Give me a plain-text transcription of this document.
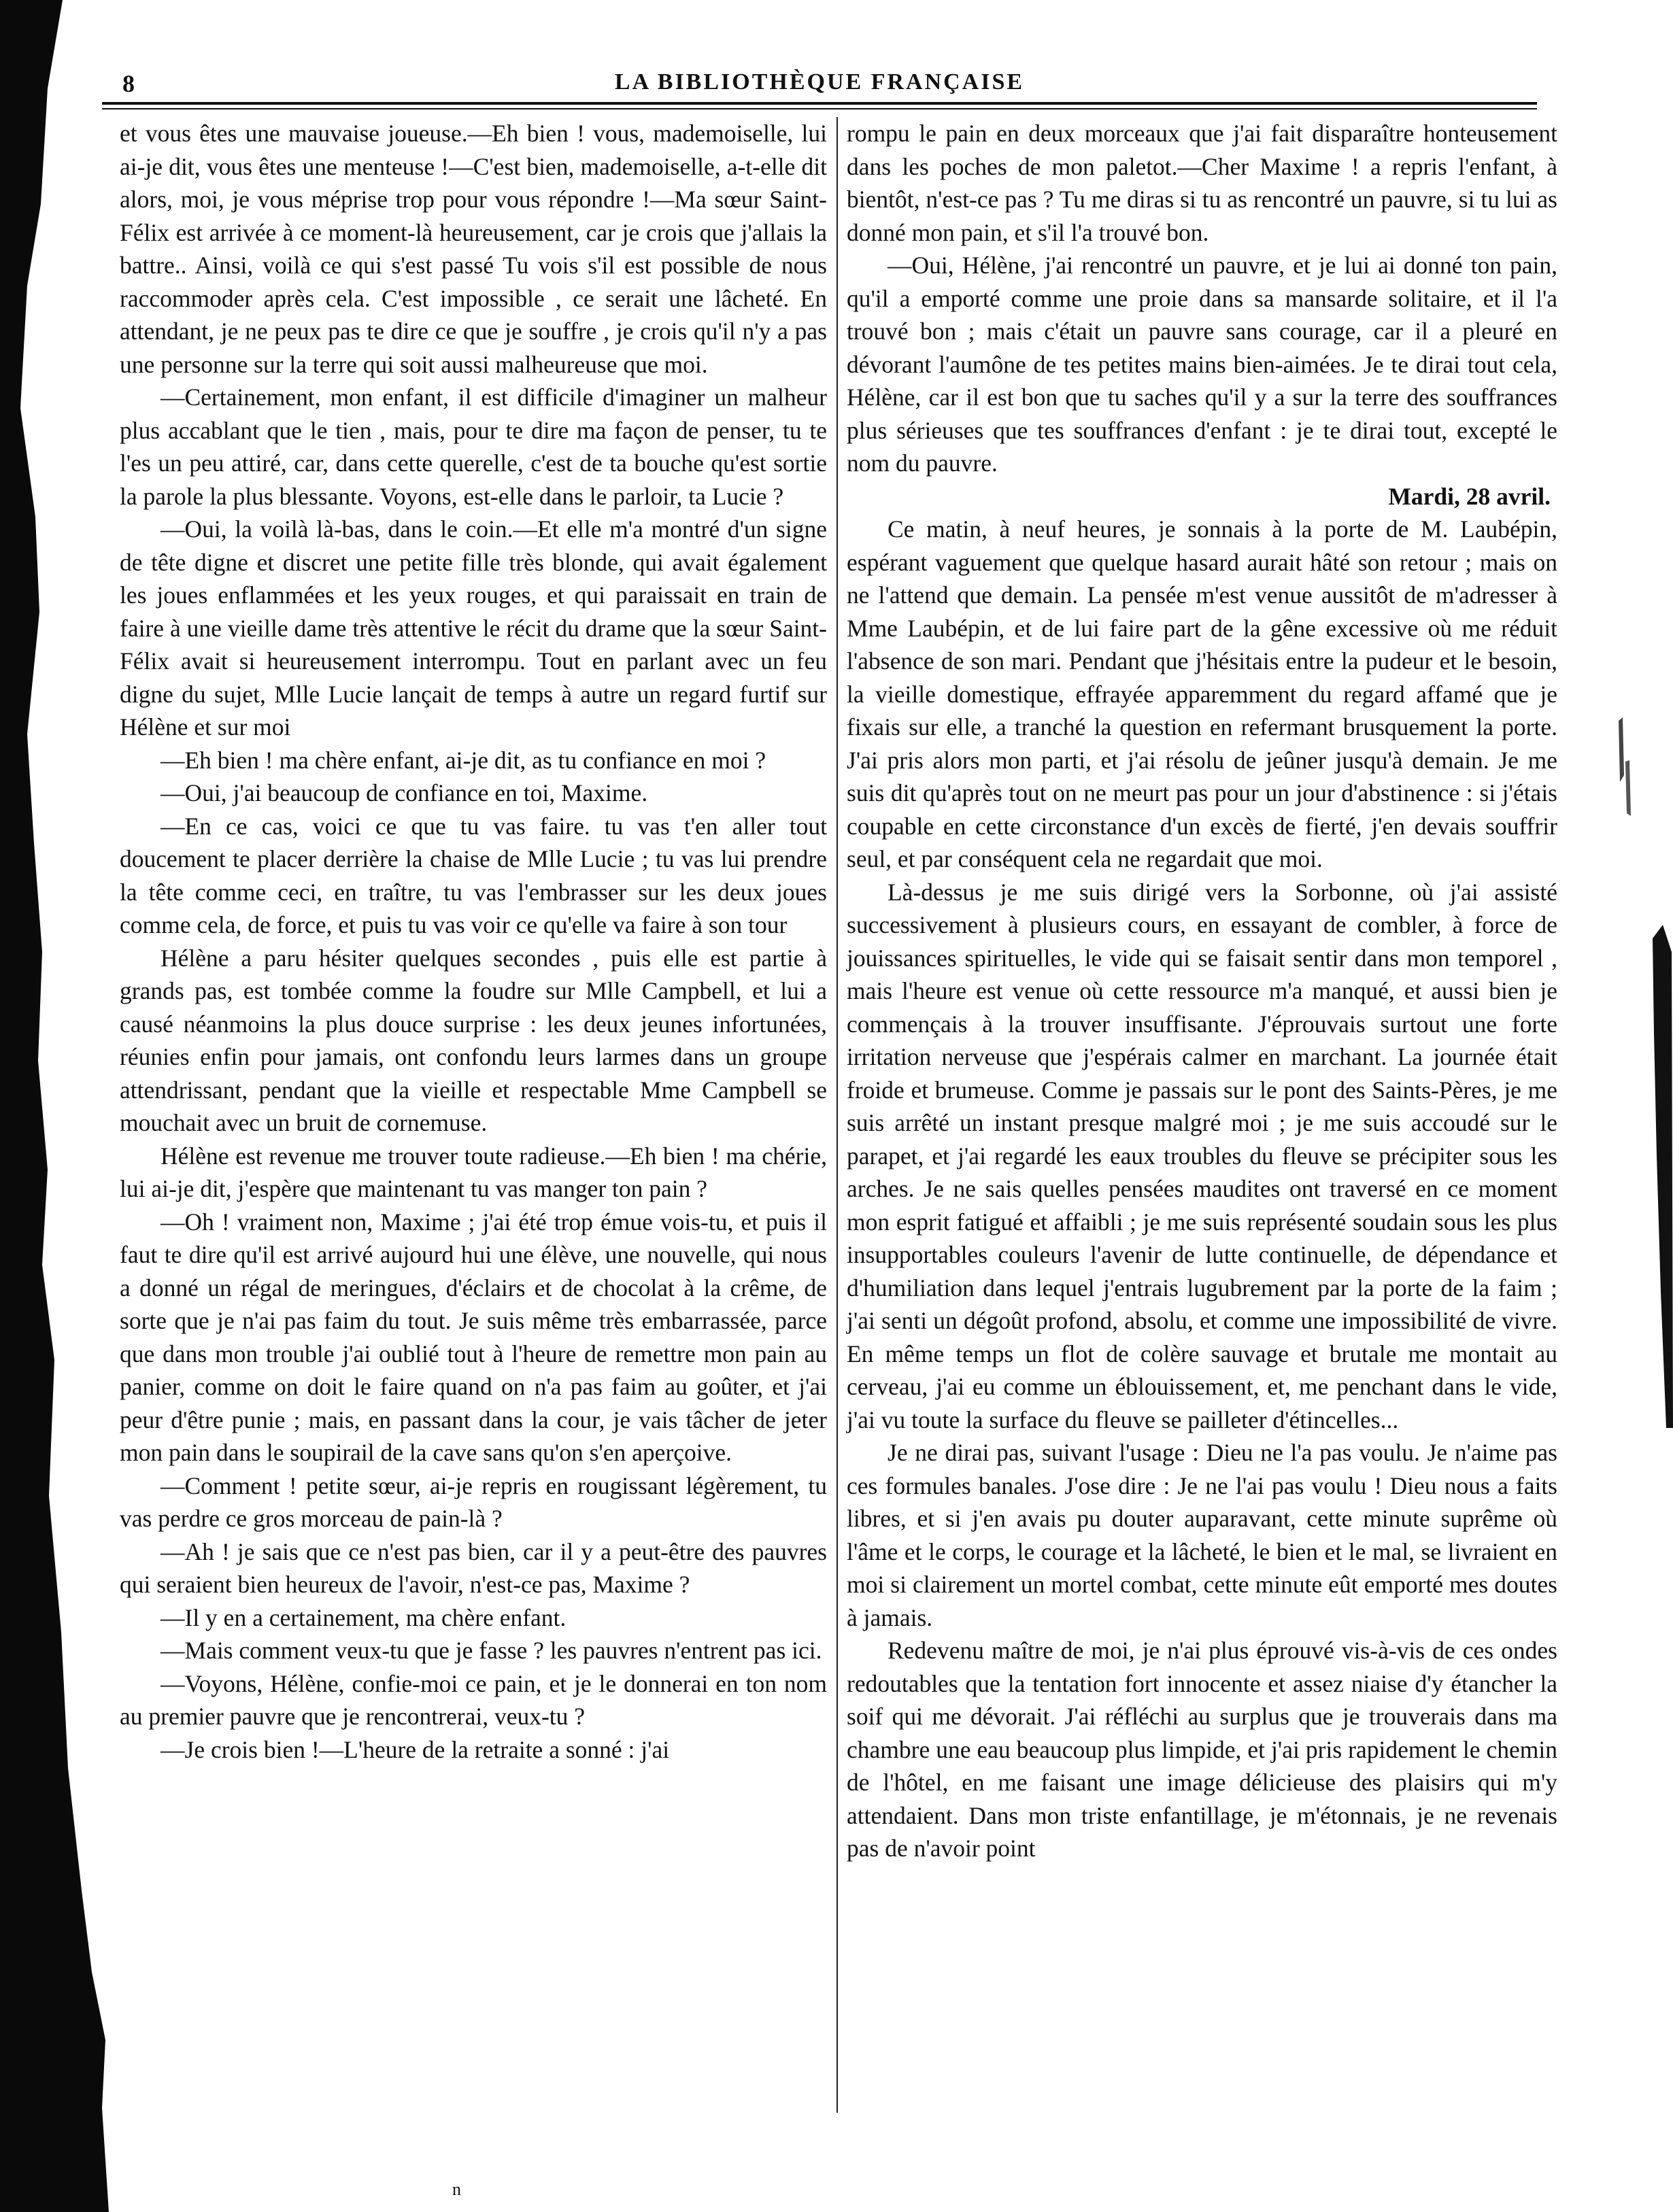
8	LA BIBLIOTHÈQUE FRANÇAISE

et vous êtes une mauvaise joueuse.—Eh bien ! vous, mademoiselle, lui ai-je dit, vous êtes une menteuse !—C'est bien, mademoiselle, a-t-elle dit alors, moi, je vous méprise trop pour vous répondre !—Ma sœur Saint-Félix est arrivée à ce moment-là heureusement, car je crois que j'allais la battre.. Ainsi, voilà ce qui s'est passé Tu vois s'il est possible de nous raccommoder après cela. C'est impossible , ce serait une lâcheté. En attendant, je ne peux pas te dire ce que je souffre , je crois qu'il n'y a pas une personne sur la terre qui soit aussi malheureuse que moi.

—Certainement, mon enfant, il est difficile d'imaginer un malheur plus accablant que le tien , mais, pour te dire ma façon de penser, tu te l'es un peu attiré, car, dans cette querelle, c'est de ta bouche qu'est sortie la parole la plus blessante. Voyons, est-elle dans le parloir, ta Lucie ?

—Oui, la voilà là-bas, dans le coin.—Et elle m'a montré d'un signe de tête digne et discret une petite fille très blonde, qui avait également les joues enflammées et les yeux rouges, et qui paraissait en train de faire à une vieille dame très attentive le récit du drame que la sœur Saint-Félix avait si heureusement interrompu. Tout en parlant avec un feu digne du sujet, Mlle Lucie lançait de temps à autre un regard furtif sur Hélène et sur moi

—Eh bien ! ma chère enfant, ai-je dit, as tu confiance en moi ?

—Oui, j'ai beaucoup de confiance en toi, Maxime.

—En ce cas, voici ce que tu vas faire. tu vas t'en aller tout doucement te placer derrière la chaise de Mlle Lucie ; tu vas lui prendre la tête comme ceci, en traître, tu vas l'embrasser sur les deux joues comme cela, de force, et puis tu vas voir ce qu'elle va faire à son tour

Hélène a paru hésiter quelques secondes , puis elle est partie à grands pas, est tombée comme la foudre sur Mlle Campbell, et lui a causé néanmoins la plus douce surprise : les deux jeunes infortunées, réunies enfin pour jamais, ont confondu leurs larmes dans un groupe attendrissant, pendant que la vieille et respectable Mme Campbell se mouchait avec un bruit de cornemuse.

Hélène est revenue me trouver toute radieuse.—Eh bien ! ma chérie, lui ai-je dit, j'espère que maintenant tu vas manger ton pain ?

—Oh ! vraiment non, Maxime ; j'ai été trop émue vois-tu, et puis il faut te dire qu'il est arrivé aujourd hui une élève, une nouvelle, qui nous a donné un régal de meringues, d'éclairs et de chocolat à la crême, de sorte que je n'ai pas faim du tout. Je suis même très embarrassée, parce que dans mon trouble j'ai oublié tout à l'heure de remettre mon pain au panier, comme on doit le faire quand on n'a pas faim au goûter, et j'ai peur d'être punie ; mais, en passant dans la cour, je vais tâcher de jeter mon pain dans le soupirail de la cave sans qu'on s'en aperçoive.

—Comment ! petite sœur, ai-je repris en rougissant légèrement, tu vas perdre ce gros morceau de pain-là ?

—Ah ! je sais que ce n'est pas bien, car il y a peut-être des pauvres qui seraient bien heureux de l'avoir, n'est-ce pas, Maxime ?

—Il y en a certainement, ma chère enfant.

—Mais comment veux-tu que je fasse ? les pauvres n'entrent pas ici.

—Voyons, Hélène, confie-moi ce pain, et je le donnerai en ton nom au premier pauvre que je rencontrerai, veux-tu ?

—Je crois bien !—L'heure de la retraite a sonné : j'ai

rompu le pain en deux morceaux que j'ai fait disparaître honteusement dans les poches de mon paletot.—Cher Maxime ! a repris l'enfant, à bientôt, n'est-ce pas ? Tu me diras si tu as rencontré un pauvre, si tu lui as donné mon pain, et s'il l'a trouvé bon.

—Oui, Hélène, j'ai rencontré un pauvre, et je lui ai donné ton pain, qu'il a emporté comme une proie dans sa mansarde solitaire, et il l'a trouvé bon ; mais c'était un pauvre sans courage, car il a pleuré en dévorant l'aumône de tes petites mains bien-aimées. Je te dirai tout cela, Hélène, car il est bon que tu saches qu'il y a sur la terre des souffrances plus sérieuses que tes souffrances d'enfant : je te dirai tout, excepté le nom du pauvre.

Mardi, 28 avril.

Ce matin, à neuf heures, je sonnais à la porte de M. Laubépin, espérant vaguement que quelque hasard aurait hâté son retour ; mais on ne l'attend que demain. La pensée m'est venue aussitôt de m'adresser à Mme Laubépin, et de lui faire part de la gêne excessive où me réduit l'absence de son mari. Pendant que j'hésitais entre la pudeur et le besoin, la vieille domestique, effrayée apparemment du regard affamé que je fixais sur elle, a tranché la question en refermant brusquement la porte. J'ai pris alors mon parti, et j'ai résolu de jeûner jusqu'à demain. Je me suis dit qu'après tout on ne meurt pas pour un jour d'abstinence : si j'étais coupable en cette circonstance d'un excès de fierté, j'en devais souffrir seul, et par conséquent cela ne regardait que moi.

Là-dessus je me suis dirigé vers la Sorbonne, où j'ai assisté successivement à plusieurs cours, en essayant de combler, à force de jouissances spirituelles, le vide qui se faisait sentir dans mon temporel , mais l'heure est venue où cette ressource m'a manqué, et aussi bien je commençais à la trouver insuffisante. J'éprouvais surtout une forte irritation nerveuse que j'espérais calmer en marchant. La journée était froide et brumeuse. Comme je passais sur le pont des Saints-Pères, je me suis arrêté un instant presque malgré moi ; je me suis accoudé sur le parapet, et j'ai regardé les eaux troubles du fleuve se précipiter sous les arches. Je ne sais quelles pensées maudites ont traversé en ce moment mon esprit fatigué et affaibli ; je me suis représenté soudain sous les plus insupportables couleurs l'avenir de lutte continuelle, de dépendance et d'humiliation dans lequel j'entrais lugubrement par la porte de la faim ; j'ai senti un dégoût profond, absolu, et comme une impossibilité de vivre. En même temps un flot de colère sauvage et brutale me montait au cerveau, j'ai eu comme un éblouissement, et, me penchant dans le vide, j'ai vu toute la surface du fleuve se pailleter d'étincelles...

Je ne dirai pas, suivant l'usage : Dieu ne l'a pas voulu. Je n'aime pas ces formules banales. J'ose dire : Je ne l'ai pas voulu ! Dieu nous a faits libres, et si j'en avais pu douter auparavant, cette minute suprême où l'âme et le corps, le courage et la lâcheté, le bien et le mal, se livraient en moi si clairement un mortel combat, cette minute eût emporté mes doutes à jamais.

Redevenu maître de moi, je n'ai plus éprouvé vis-à-vis de ces ondes redoutables que la tentation fort innocente et assez niaise d'y étancher la soif qui me dévorait. J'ai réfléchi au surplus que je trouverais dans ma chambre une eau beaucoup plus limpide, et j'ai pris rapidement le chemin de l'hôtel, en me faisant une image délicieuse des plaisirs qui m'y attendaient. Dans mon triste enfantillage, je m'étonnais, je ne revenais pas de n'avoir point

n
